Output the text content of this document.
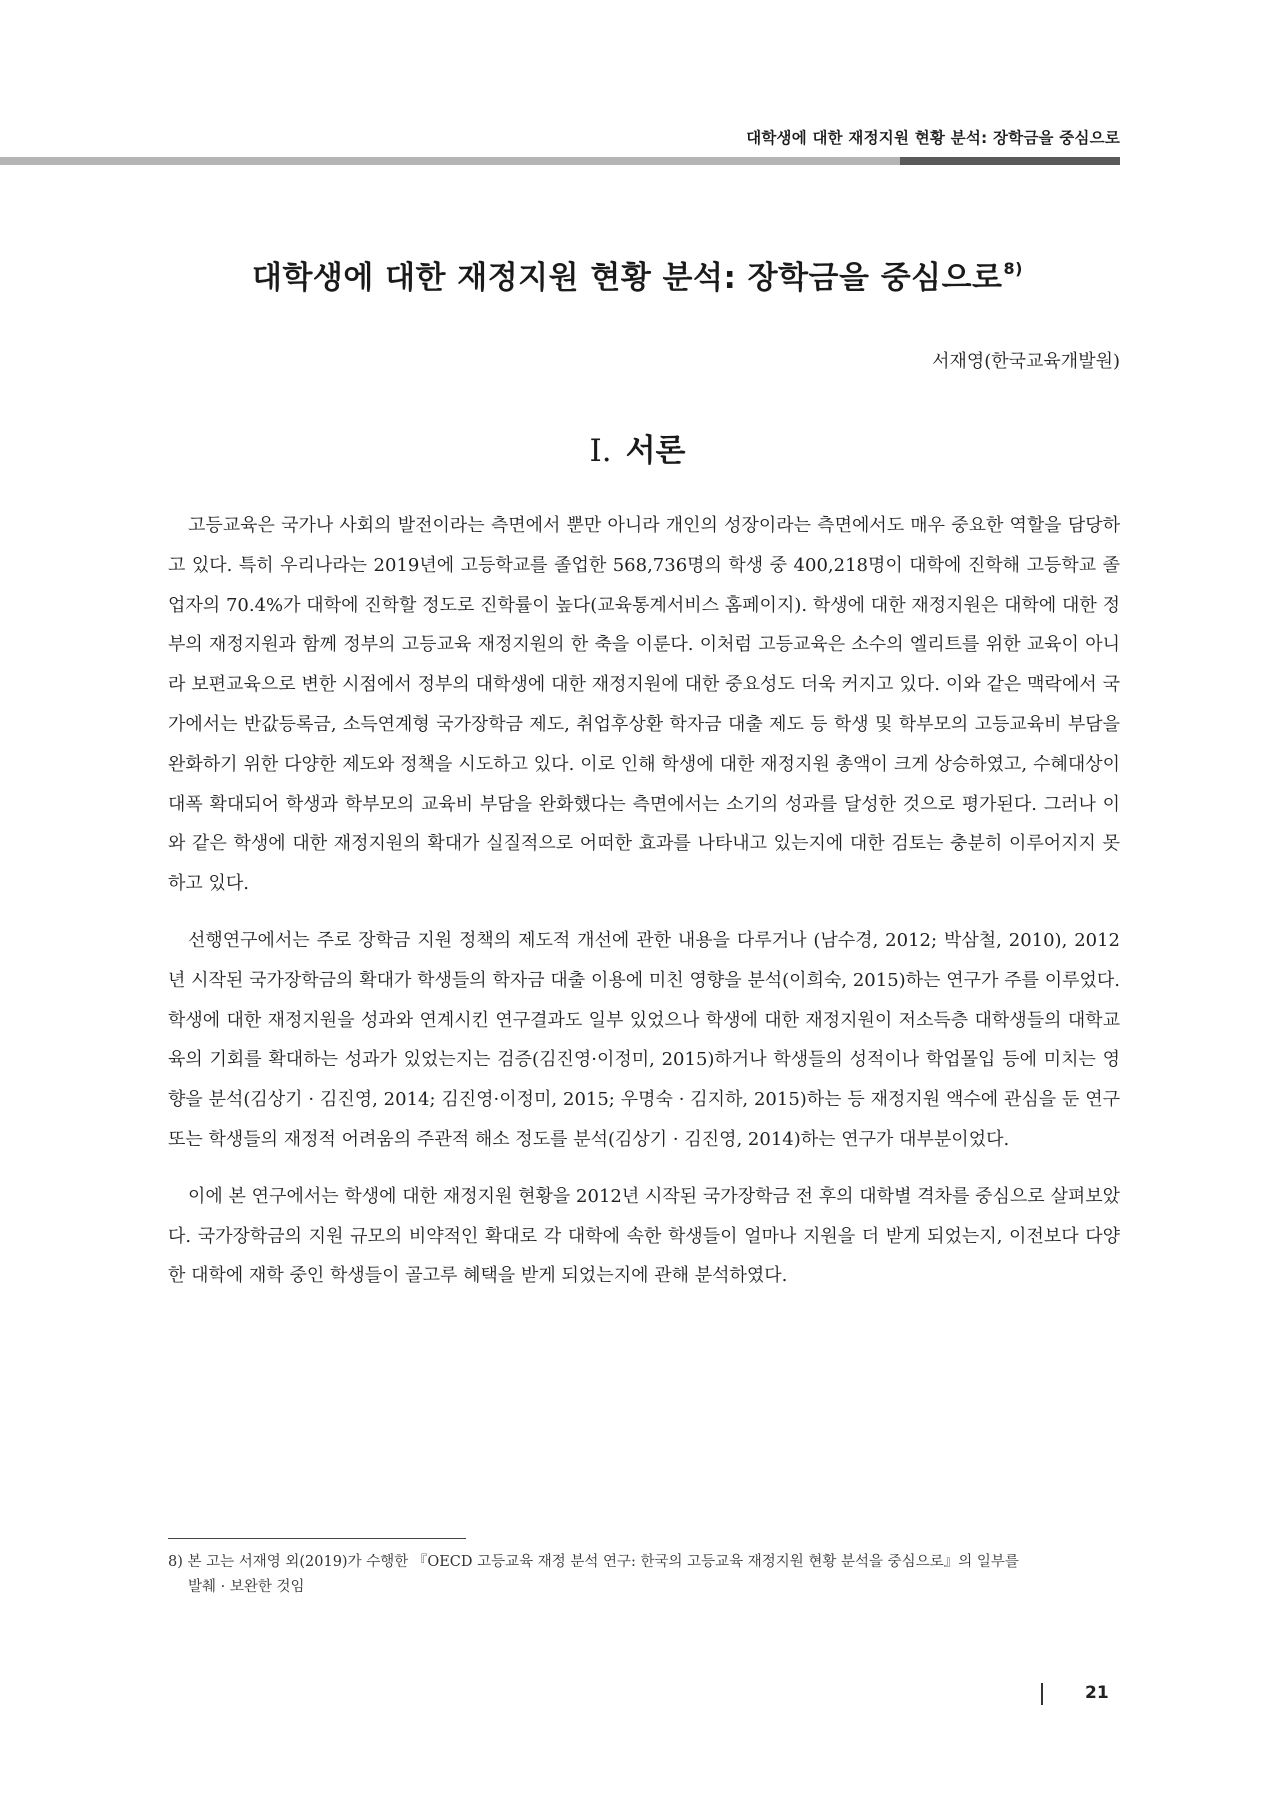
대학생에 대한 재정지원 현황 분석: 장학금을 중심으로
대학생에 대한 재정지원 현황 분석: 장학금을 중심으로$^{8)}$
서재영(한국교육개발원)
Ⅰ. 서론

고등교육은 국가나 사회의 발전이라는 측면에서 뿐만 아니라 개인의 성장이라는 측면에서도 매우 중요한 역할을 담당하고 있다. 특히 우리나라는 2019년에 고등학교를 졸업한 568,736명의 학생 중 400,218명이 대학에 진학해 고등학교 졸업자의 70.4%가 대학에 진학할 정도로 진학률이 높다(교육통계서비스 홈페이지). 학생에 대한 재정지원은 대학에 대한 정부의 재정지원과 함께 정부의 고등교육 재정지원의 한 축을 이룬다. 이처럼 고등교육은 소수의 엘리트를 위한 교육이 아니라 보편교육으로 변한 시점에서 정부의 대학생에 대한 재정지원에 대한 중요성도 더욱 커지고 있다. 이와 같은 맥락에서 국가에서는 반값등록금, 소득연계형 국가장학금 제도, 취업후상환 학자금 대출 제도 등 학생 및 학부모의 고등교육비 부담을 완화하기 위한 다양한 제도와 정책을 시도하고 있다. 이로 인해 학생에 대한 재정지원 총액이 크게 상승하였고, 수혜대상이 대폭 확대되어 학생과 학부모의 교육비 부담을 완화했다는 측면에서는 소기의 성과를 달성한 것으로 평가된다. 그러나 이와 같은 학생에 대한 재정지원의 확대가 실질적으로 어떠한 효과를 나타내고 있는지에 대한 검토는 충분히 이루어지지 못하고 있다.

선행연구에서는 주로 장학금 지원 정책의 제도적 개선에 관한 내용을 다루거나 (남수경, 2012; 박삼철, 2010), 2012년 시작된 국가장학금의 확대가 학생들의 학자금 대출 이용에 미친 영향을 분석(이희숙, 2015)하는 연구가 주를 이루었다. 학생에 대한 재정지원을 성과와 연계시킨 연구결과도 일부 있었으나 학생에 대한 재정지원이 저소득층 대학생들의 대학교육의 기회를 확대하는 성과가 있었는지는 검증(김진영·이정미, 2015)하거나 학생들의 성적이나 학업몰입 등에 미치는 영향을 분석(김상기 · 김진영, 2014; 김진영·이정미, 2015; 우명숙 · 김지하, 2015)하는 등 재정지원 액수에 관심을 둔 연구 또는 학생들의 재정적 어려움의 주관적 해소 정도를 분석(김상기 · 김진영, 2014)하는 연구가 대부분이었다.

이에 본 연구에서는 학생에 대한 재정지원 현황을 2012년 시작된 국가장학금 전 후의 대학별 격차를 중심으로 살펴보았다. 국가장학금의 지원 규모의 비약적인 확대로 각 대학에 속한 학생들이 얼마나 지원을 더 받게 되었는지, 이전보다 다양한 대학에 재학 중인 학생들이 골고루 혜택을 받게 되었는지에 관해 분석하였다.

8) 본 고는 서재영 외(2019)가 수행한 『OECD 고등교육 재정 분석 연구: 한국의 고등교육 재정지원 현황 분석을 중심으로』의 일부를
발췌 · 보완한 것임
21
